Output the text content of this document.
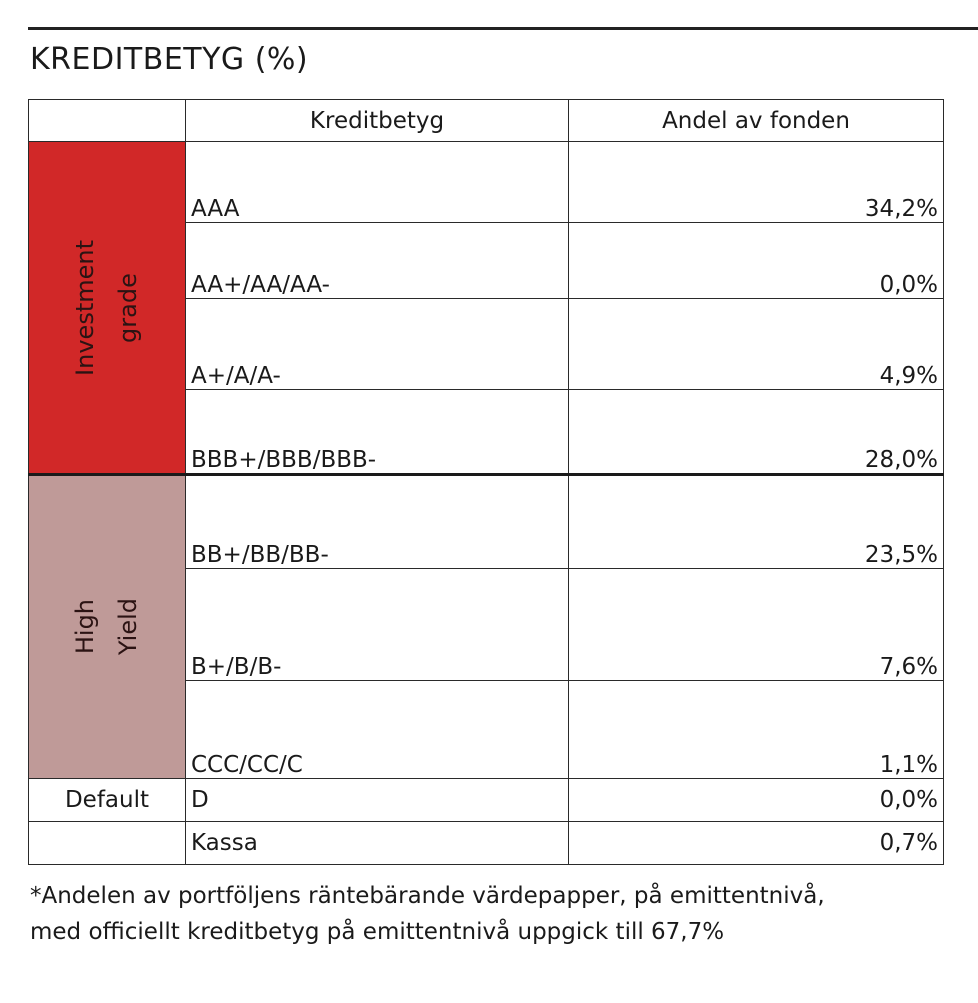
KREDITBETYG (%)
	Kreditbetyg	Andel av fonden

Investment grade	AAA	34,2%
	AA+/AA/AA-	0,0%
	A+/A/A-	4,9%
	BBB+/BBB/BBB-	28,0%

High Yield	BB+/BB/BB-	23,5%
	B+/B/B-	7,6%
	CCC/CC/C	1,1%
Default	D	0,0%
	Kassa	0,7%

*Andelen av portföljens räntebärande värdepapper, på emittentnivå,
med officiellt kreditbetyg på emittentnivå uppgick till 67,7%
